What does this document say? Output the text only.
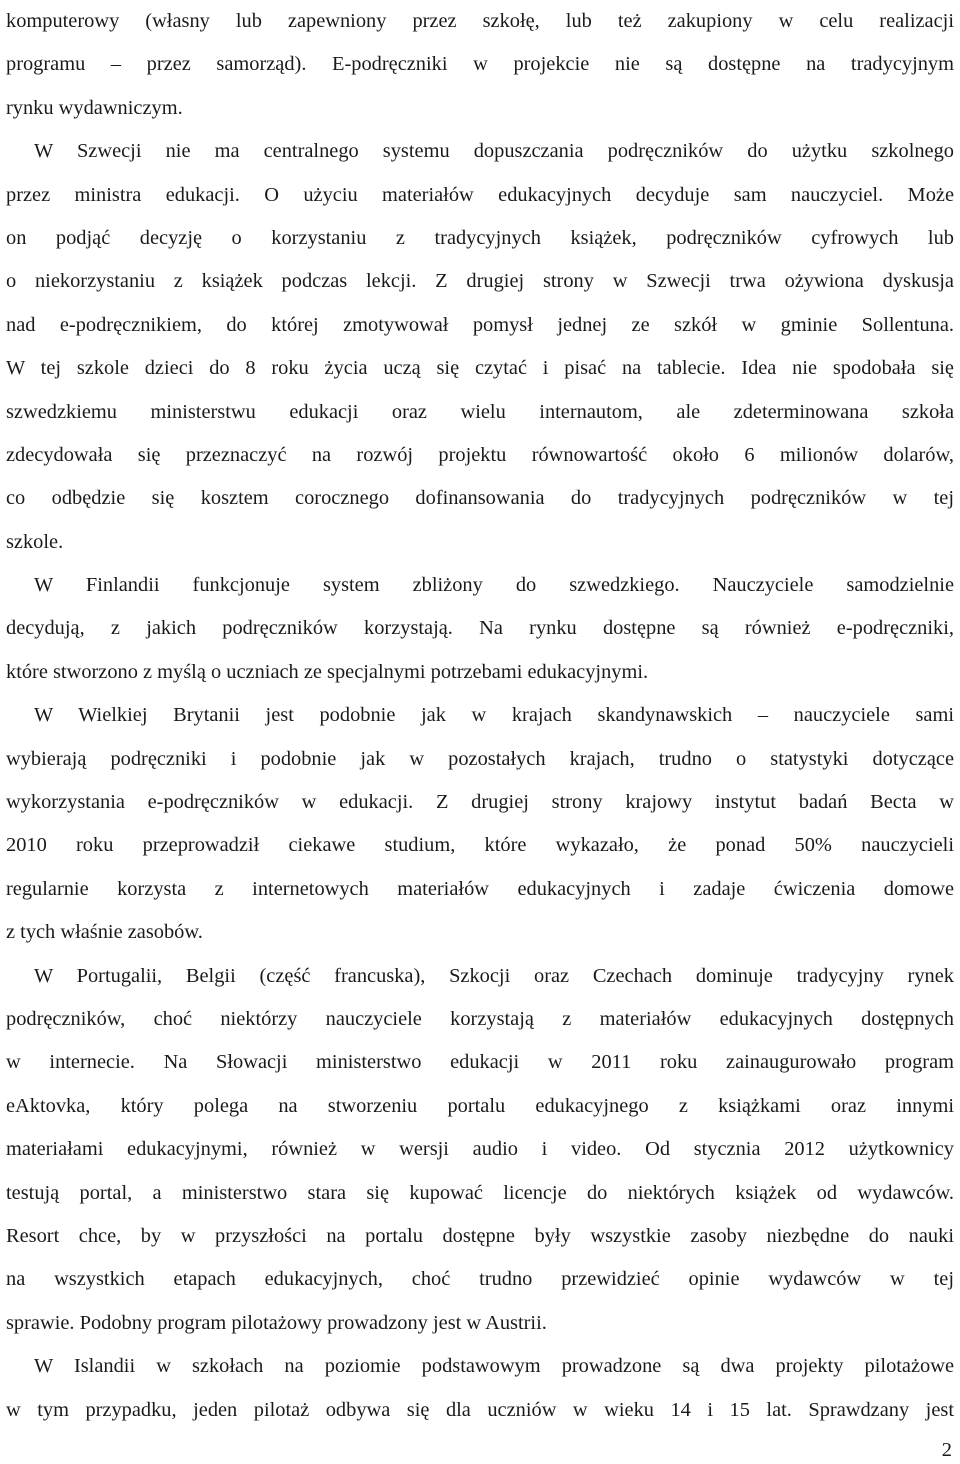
komputerowy (własny lub zapewniony przez szkołę, lub też zakupiony w celu realizacji
programu – przez samorząd). E-podręczniki w projekcie nie są dostępne na tradycyjnym
rynku wydawniczym.
W Szwecji nie ma centralnego systemu dopuszczania podręczników do użytku szkolnego
przez ministra edukacji. O użyciu materiałów edukacyjnych decyduje sam nauczyciel. Może
on podjąć decyzję o korzystaniu z tradycyjnych książek, podręczników cyfrowych lub
o niekorzystaniu z książek podczas lekcji. Z drugiej strony w Szwecji trwa ożywiona dyskusja
nad e-podręcznikiem, do której zmotywował pomysł jednej ze szkół w gminie Sollentuna.
W tej szkole dzieci do 8 roku życia uczą się czytać i pisać na tablecie. Idea nie spodobała się
szwedzkiemu ministerstwu edukacji oraz wielu internautom, ale zdeterminowana szkoła
zdecydowała się przeznaczyć na rozwój projektu równowartość około 6 milionów dolarów,
co odbędzie się kosztem corocznego dofinansowania do tradycyjnych podręczników w tej
szkole.
W Finlandii funkcjonuje system zbliżony do szwedzkiego. Nauczyciele samodzielnie
decydują, z jakich podręczników korzystają. Na rynku dostępne są również e-podręczniki,
które stworzono z myślą o uczniach ze specjalnymi potrzebami edukacyjnymi.
W Wielkiej Brytanii jest podobnie jak w krajach skandynawskich – nauczyciele sami
wybierają podręczniki i podobnie jak w pozostałych krajach, trudno o statystyki dotyczące
wykorzystania e-podręczników w edukacji. Z drugiej strony krajowy instytut badań Becta w
2010 roku przeprowadził ciekawe studium, które wykazało, że ponad 50% nauczycieli
regularnie korzysta z internetowych materiałów edukacyjnych i zadaje ćwiczenia domowe
z tych właśnie zasobów.
W Portugalii, Belgii (część francuska), Szkocji oraz Czechach dominuje tradycyjny rynek
podręczników, choć niektórzy nauczyciele korzystają z materiałów edukacyjnych dostępnych
w internecie. Na Słowacji ministerstwo edukacji w 2011 roku zainaugurowało program
eAktovka, który polega na stworzeniu portalu edukacyjnego z książkami oraz innymi
materiałami edukacyjnymi, również w wersji audio i video. Od stycznia 2012 użytkownicy
testują portal, a ministerstwo stara się kupować licencje do niektórych książek od wydawców.
Resort chce, by w przyszłości na portalu dostępne były wszystkie zasoby niezbędne do nauki
na wszystkich etapach edukacyjnych, choć trudno przewidzieć opinie wydawców w tej
sprawie. Podobny program pilotażowy prowadzony jest w Austrii.
W Islandii w szkołach na poziomie podstawowym prowadzone są dwa projekty pilotażowe
w tym przypadku, jeden pilotaż odbywa się dla uczniów w wieku 14 i 15 lat. Sprawdzany jest
2
